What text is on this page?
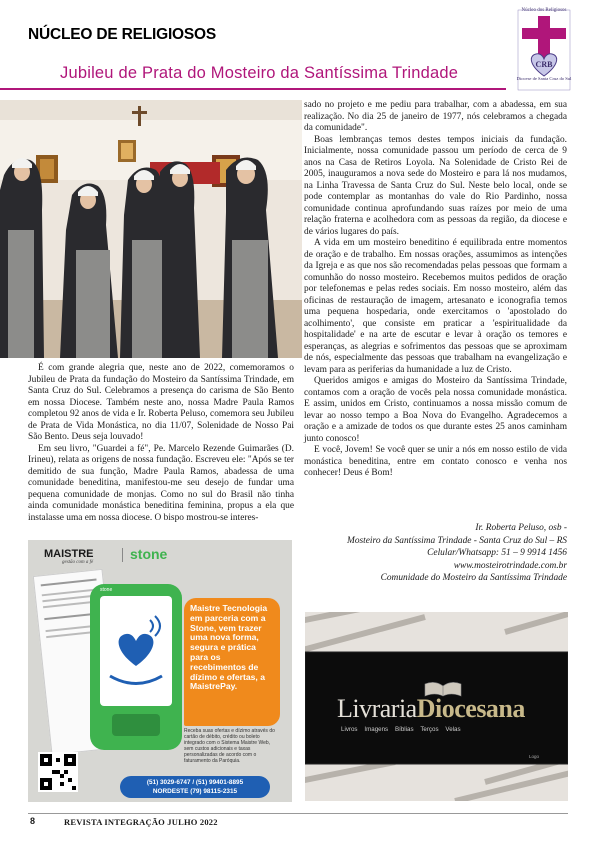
NÚCLEO DE RELIGIOSOS
Jubileu de Prata do Mosteiro da Santíssima Trindade
Núcleo dos Religiosos
CRB
Diocese de Santa Cruz do Sul

É com grande alegria que, neste ano de 2022, comemoramos o Jubileu de Prata da fundação do Mosteiro da Santíssima Trindade, em Santa Cruz do Sul. Celebramos a presença do carisma de São Bento em nossa Diocese. Também neste ano, nossa Madre Paula Ramos completou 92 anos de vida e Ir. Roberta Peluso, comemora seu Jubileu de Prata de Vida Monástica, no dia 11/07, Solenidade de Nosso Pai São Bento. Deus seja louvado!

Em seu livro, "Guardei a fé", Pe. Marcelo Rezende Guimarães (D. Irineu), relata as origens de nossa fundação. Escreveu ele: "Após se ter demitido de sua função, Madre Paula Ramos, abadessa de uma comunidade beneditina, manifestou-me seu desejo de fundar uma pequena comunidade de monjas. Como no sul do Brasil não tinha ainda comunidade monástica beneditina feminina, propus a ela que instalasse uma em nossa diocese. O bispo mostrou-se interes-

sado no projeto e me pediu para trabalhar, com a abadessa, em sua realização. No dia 25 de janeiro de 1977, nós celebramos a chegada da comunidade".

Boas lembranças temos destes tempos iniciais da fundação. Inicialmente, nossa comunidade passou um período de cerca de 9 anos na Casa de Retiros Loyola. Na Solenidade de Cristo Rei de 2005, inauguramos a nova sede do Mosteiro e para lá nos mudamos, na Linha Travessa de Santa Cruz do Sul. Neste belo local, onde se pode contemplar as montanhas do vale do Rio Pardinho, nossa comunidade continua aprofundando suas raízes por meio de uma relação fraterna e acolhedora com as pessoas da região, da diocese e de vários lugares do país.

A vida em um mosteiro beneditino é equilibrada entre momentos de oração e de trabalho. Em nossas orações, assumimos as intenções da Igreja e as que nos são recomendadas pelas pessoas que formam a comunhão do nosso mosteiro. Recebemos muitos pedidos de oração por telefonemas e pelas redes sociais. Em nosso mosteiro, além das oficinas de restauração de imagem, artesanato e iconografia temos uma pequena hospedaria, onde exercitamos o 'apostolado do acolhimento', que consiste em praticar a 'espiritualidade da hospitalidade' e na arte de escutar e levar à oração os temores e esperanças, as alegrias e sofrimentos das pessoas que se aproximam de nós, especialmente das pessoas que trabalham na evangelização e levam para as periferias da humanidade a luz de Cristo.

Queridos amigos e amigas do Mosteiro da Santíssima Trindade, contamos com a oração de vocês pela nossa comunidade monástica. E assim, unidos em Cristo, continuamos a nossa missão comum de levar ao nosso tempo a Boa Nova do Evangelho. Agradecemos a oração e a amizade de todos os que durante estes 25 anos caminham junto conosco!

E você, Jovem! Se você quer se unir a nós em nosso estilo de vida monástica beneditina, entre em contato conosco e venha nos conhecer! Deus é Bom!

Ir. Roberta Peluso, osb -
Mosteiro da Santíssima Trindade - Santa Cruz do Sul – RS
Celular/Whatsapp: 51 – 9 9914 1456
www.mosteirotrindade.com.br
Comunidade do Mosteiro da Santíssima Trindade
MAISTRE
gestão com a fé
stone
stone
Maistre Tecnologia em parceria com a Stone, vem trazer uma nova forma, segura e prática para os recebimentos de dízimo e ofertas, a MaistrePay.
Receba suas ofertas e dízimo através do cartão de débito, crédito ou boleto integrado com o Sistema Maistre Web, sem custos adicionais e taxas personalizadas de acordo com o faturamento da Paróquia.
(51) 3029-6747 / (51) 99401-8895
NORDESTE (79) 98115-2315
LivrariaDiocesana
Livros    Imagens    Bíblias    Terços    Velas
Logo
8	REVISTA INTEGRAÇÃO JULHO 2022
